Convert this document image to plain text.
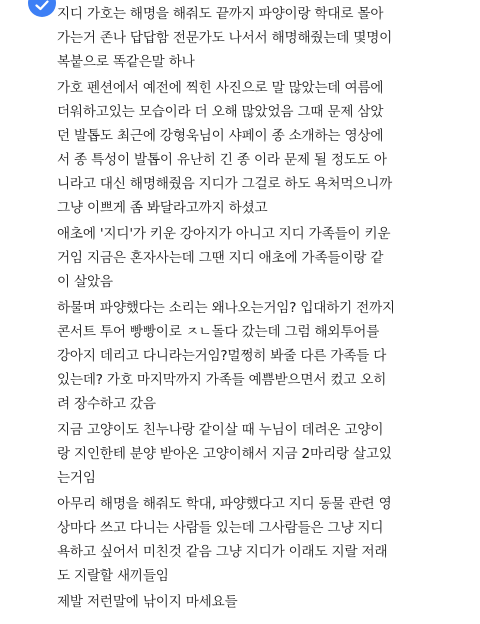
지디 가호는 해명을 해줘도 끝까지 파양이랑 학대로 몰아
가는거 존나 답답함 전문가도 나서서 해명해줬는데 몇명이
복붙으로 똑같은말 하나
가호 펜션에서 예전에 찍힌 사진으로 말 많았는데 여름에
더워하고있는 모습이라 더 오해 많았었음 그때 문제 삼았
던 발톱도 최근에 강형욱님이 샤페이 종 소개하는 영상에
서 종 특성이 발톱이 유난히 긴 종 이라 문제 될 정도도 아
니라고 대신 해명해줬음 지디가 그걸로 하도 욕처먹으니까
그냥 이쁘게 좀 봐달라고까지 하셨고
애초에 '지디'가 키운 강아지가 아니고 지디 가족들이 키운
거임 지금은 혼자사는데 그땐 지디 애초에 가족들이랑 같
이 살았음
하물며 파양했다는 소리는 왜나오는거임? 입대하기 전까지
콘서트 투어 빵빵이로 ㅈㄴ돌다 갔는데 그럼 해외투어를
강아지 데리고 다니라는거임?멀쩡히 봐줄 다른 가족들 다
있는데? 가호 마지막까지 가족들 예쁨받으면서 컸고 오히
려 장수하고 갔음
지금 고양이도 친누나랑 같이살 때 누님이 데려온 고양이
랑 지인한테 분양 받아온 고양이해서 지금 2마리랑 살고있
는거임
아무리 해명을 해줘도 학대, 파양했다고 지디 동물 관련 영
상마다 쓰고 다니는 사람들 있는데 그사람들은 그냥 지디
욕하고 싶어서 미친것 같음 그냥 지디가 이래도 지랄 저래
도 지랄할 새끼들임
제발 저런말에 낚이지 마세요들
